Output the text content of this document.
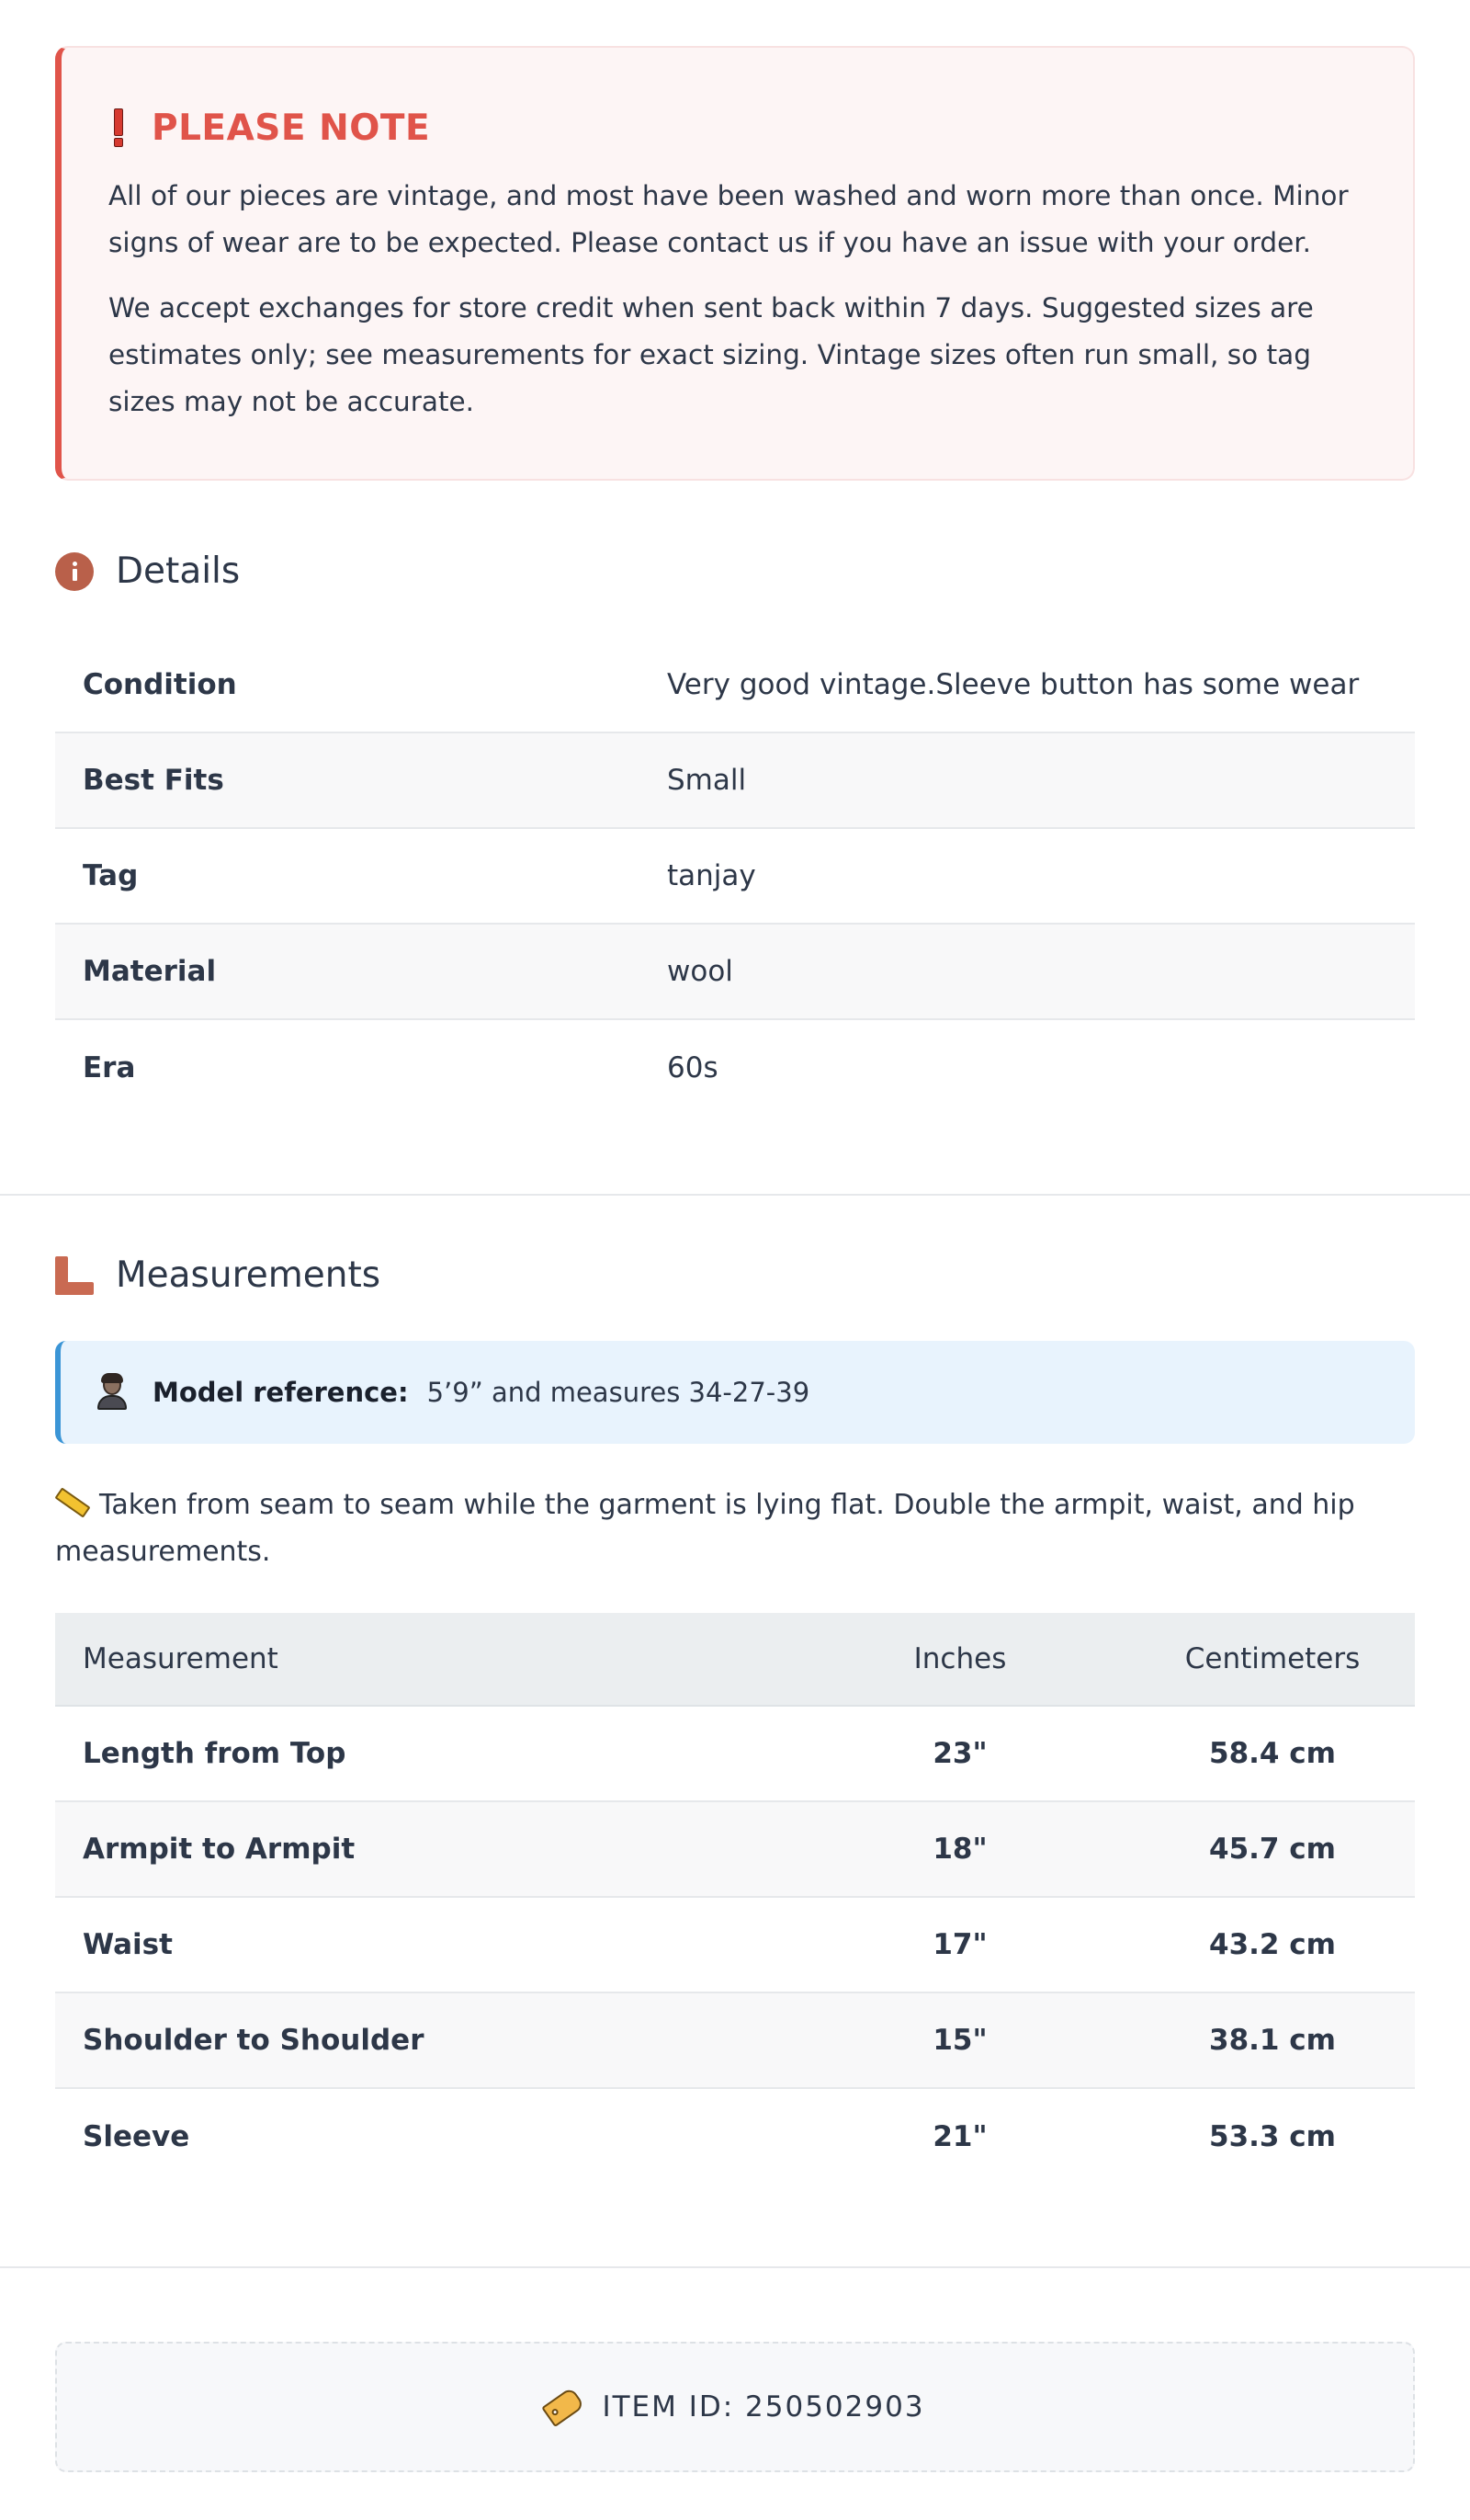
PLEASE NOTE

All of our pieces are vintage, and most have been washed and worn more than once. Minor signs of wear are to be expected. Please contact us if you have an issue with your order.

We accept exchanges for store credit when sent back within 7 days. Suggested sizes are estimates only; see measurements for exact sizing. Vintage sizes often run small, so tag sizes may not be accurate.

Details
Condition	Very good vintage.Sleeve button has some wear
Best Fits	Small
Tag	tanjay
Material	wool
Era	60s
Measurements
Model reference: 5’9” and measures 34-27-39
Taken from seam to seam while the garment is lying flat. Double the armpit, waist, and hip measurements.
Measurement	Inches	Centimeters
Length from Top	23"	58.4 cm
Armpit to Armpit	18"	45.7 cm
Waist	17"	43.2 cm
Shoulder to Shoulder	15"	38.1 cm
Sleeve	21"	53.3 cm
ITEM ID: 250502903
